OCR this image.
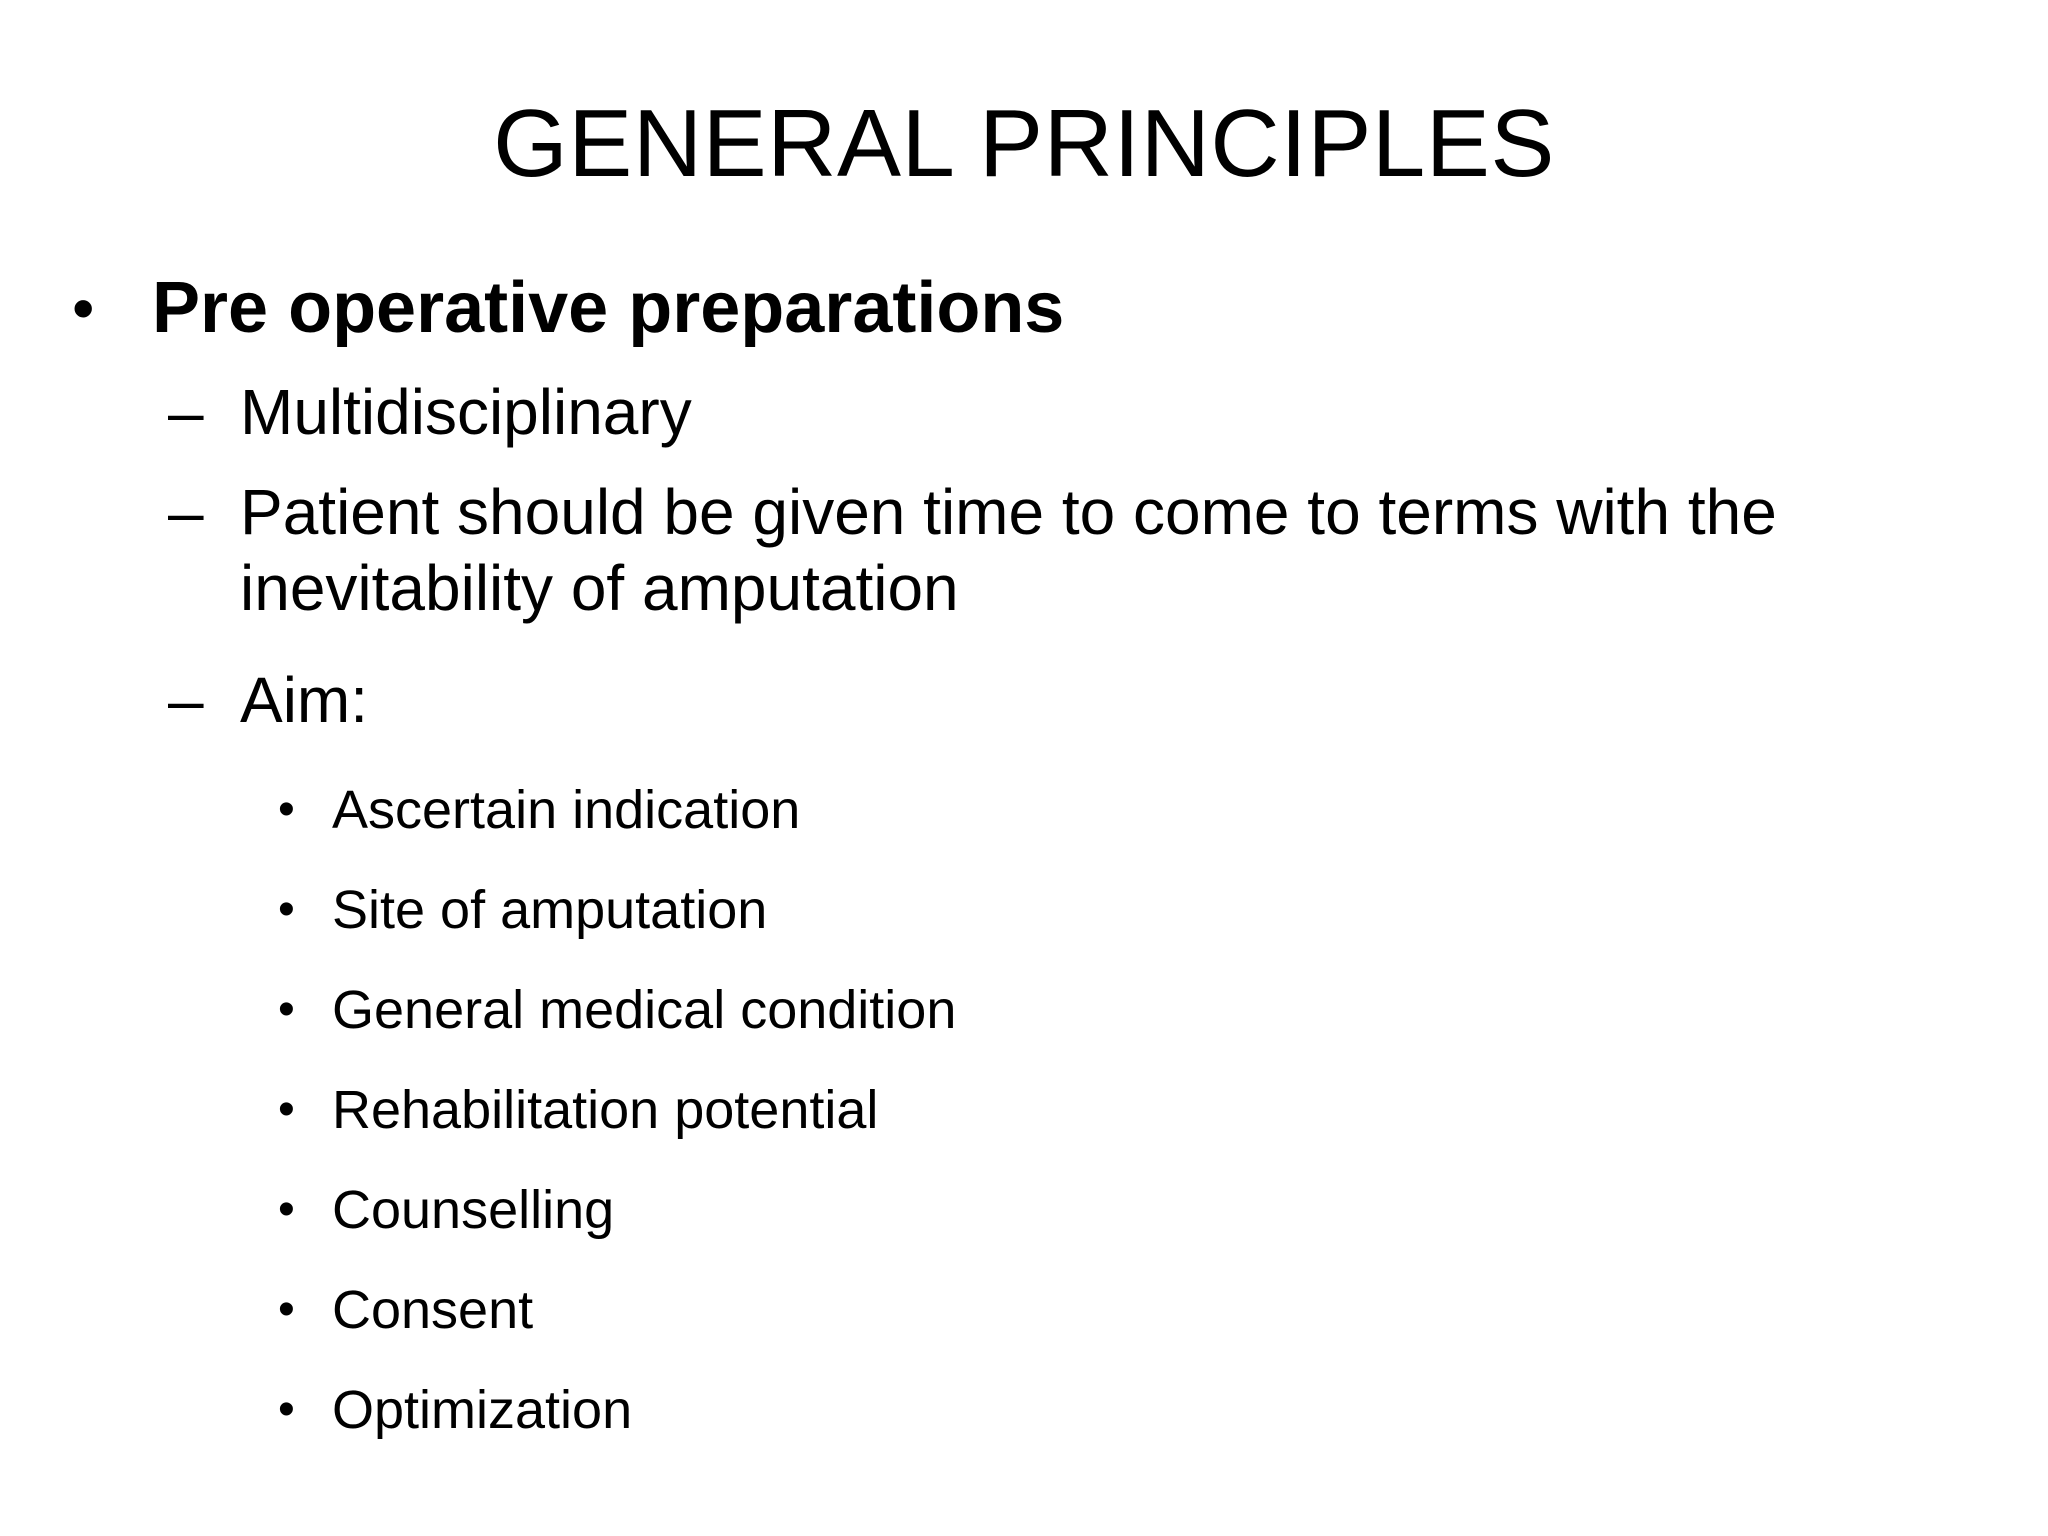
GENERAL PRINCIPLES
• Pre operative preparations
– Multidisciplinary
– Patient should be given time to come to terms with the inevitability of amputation
– Aim:
• Ascertain indication
• Site of amputation
• General medical condition
• Rehabilitation potential
• Counselling
• Consent
• Optimization
